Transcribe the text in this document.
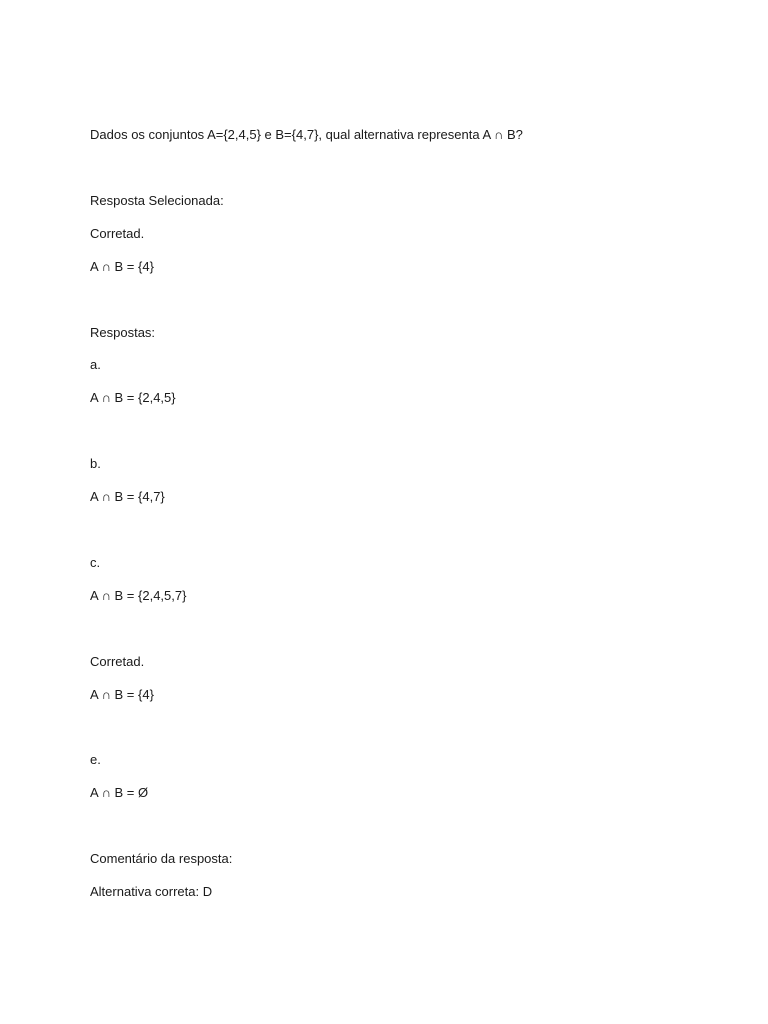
Dados os conjuntos A={2,4,5} e B={4,7}, qual alternativa representa A ∩ B?
Resposta Selecionada:
Corretad.
A ∩ B = {4}
Respostas:
a.
A ∩ B = {2,4,5}
b.
A ∩ B = {4,7}
c.
A ∩ B = {2,4,5,7}
Corretad.
A ∩ B = {4}
e.
A ∩ B = Ø
Comentário da resposta:
Alternativa correta: D
